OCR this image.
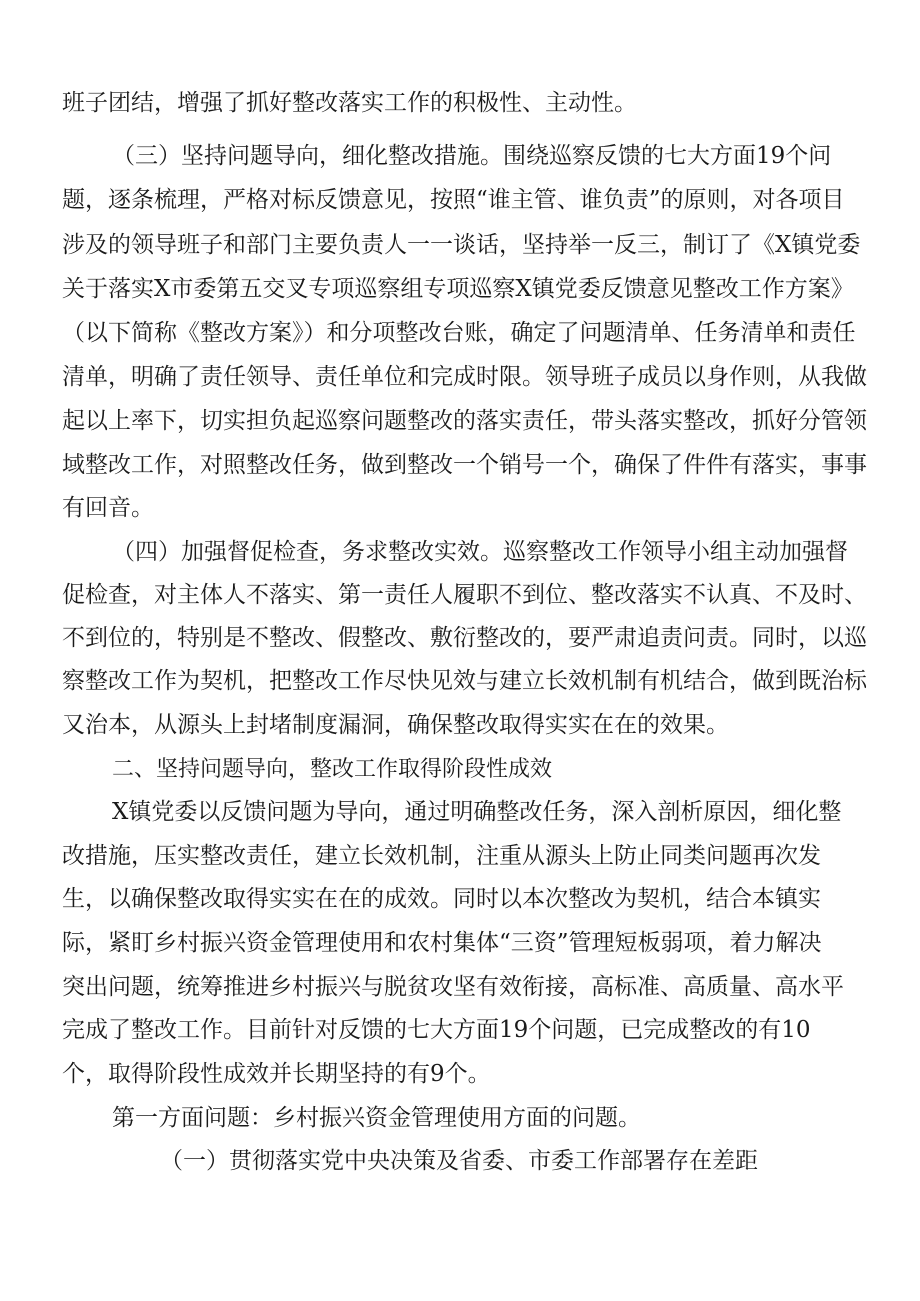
班子团结，增强了抓好整改落实工作的积极性、主动性。
（三）坚持问题导向，细化整改措施。围绕巡察反馈的七大方面19个问
题，逐条梳理，严格对标反馈意见，按照“谁主管、谁负责”的原则，对各项目
涉及的领导班子和部门主要负责人一一谈话，坚持举一反三，制订了《X镇党委
关于落实X市委第五交叉专项巡察组专项巡察X镇党委反馈意见整改工作方案》
（以下简称《整改方案》）和分项整改台账，确定了问题清单、任务清单和责任
清单，明确了责任领导、责任单位和完成时限。领导班子成员以身作则，从我做
起以上率下，切实担负起巡察问题整改的落实责任，带头落实整改，抓好分管领
域整改工作，对照整改任务，做到整改一个销号一个，确保了件件有落实，事事
有回音。
（四）加强督促检查，务求整改实效。巡察整改工作领导小组主动加强督
促检查，对主体人不落实、第一责任人履职不到位、整改落实不认真、不及时、
不到位的，特别是不整改、假整改、敷衍整改的，要严肃追责问责。同时，以巡
察整改工作为契机，把整改工作尽快见效与建立长效机制有机结合，做到既治标
又治本，从源头上封堵制度漏洞，确保整改取得实实在在的效果。
二、坚持问题导向，整改工作取得阶段性成效
X镇党委以反馈问题为导向，通过明确整改任务，深入剖析原因，细化整
改措施，压实整改责任，建立长效机制，注重从源头上防止同类问题再次发
生，以确保整改取得实实在在的成效。同时以本次整改为契机，结合本镇实
际，紧盯乡村振兴资金管理使用和农村集体“三资”管理短板弱项，着力解决
突出问题，统筹推进乡村振兴与脱贫攻坚有效衔接，高标准、高质量、高水平
完成了整改工作。目前针对反馈的七大方面19个问题，已完成整改的有10
个，取得阶段性成效并长期坚持的有9个。
第一方面问题：乡村振兴资金管理使用方面的问题。
（一）贯彻落实党中央决策及省委、市委工作部署存在差距
